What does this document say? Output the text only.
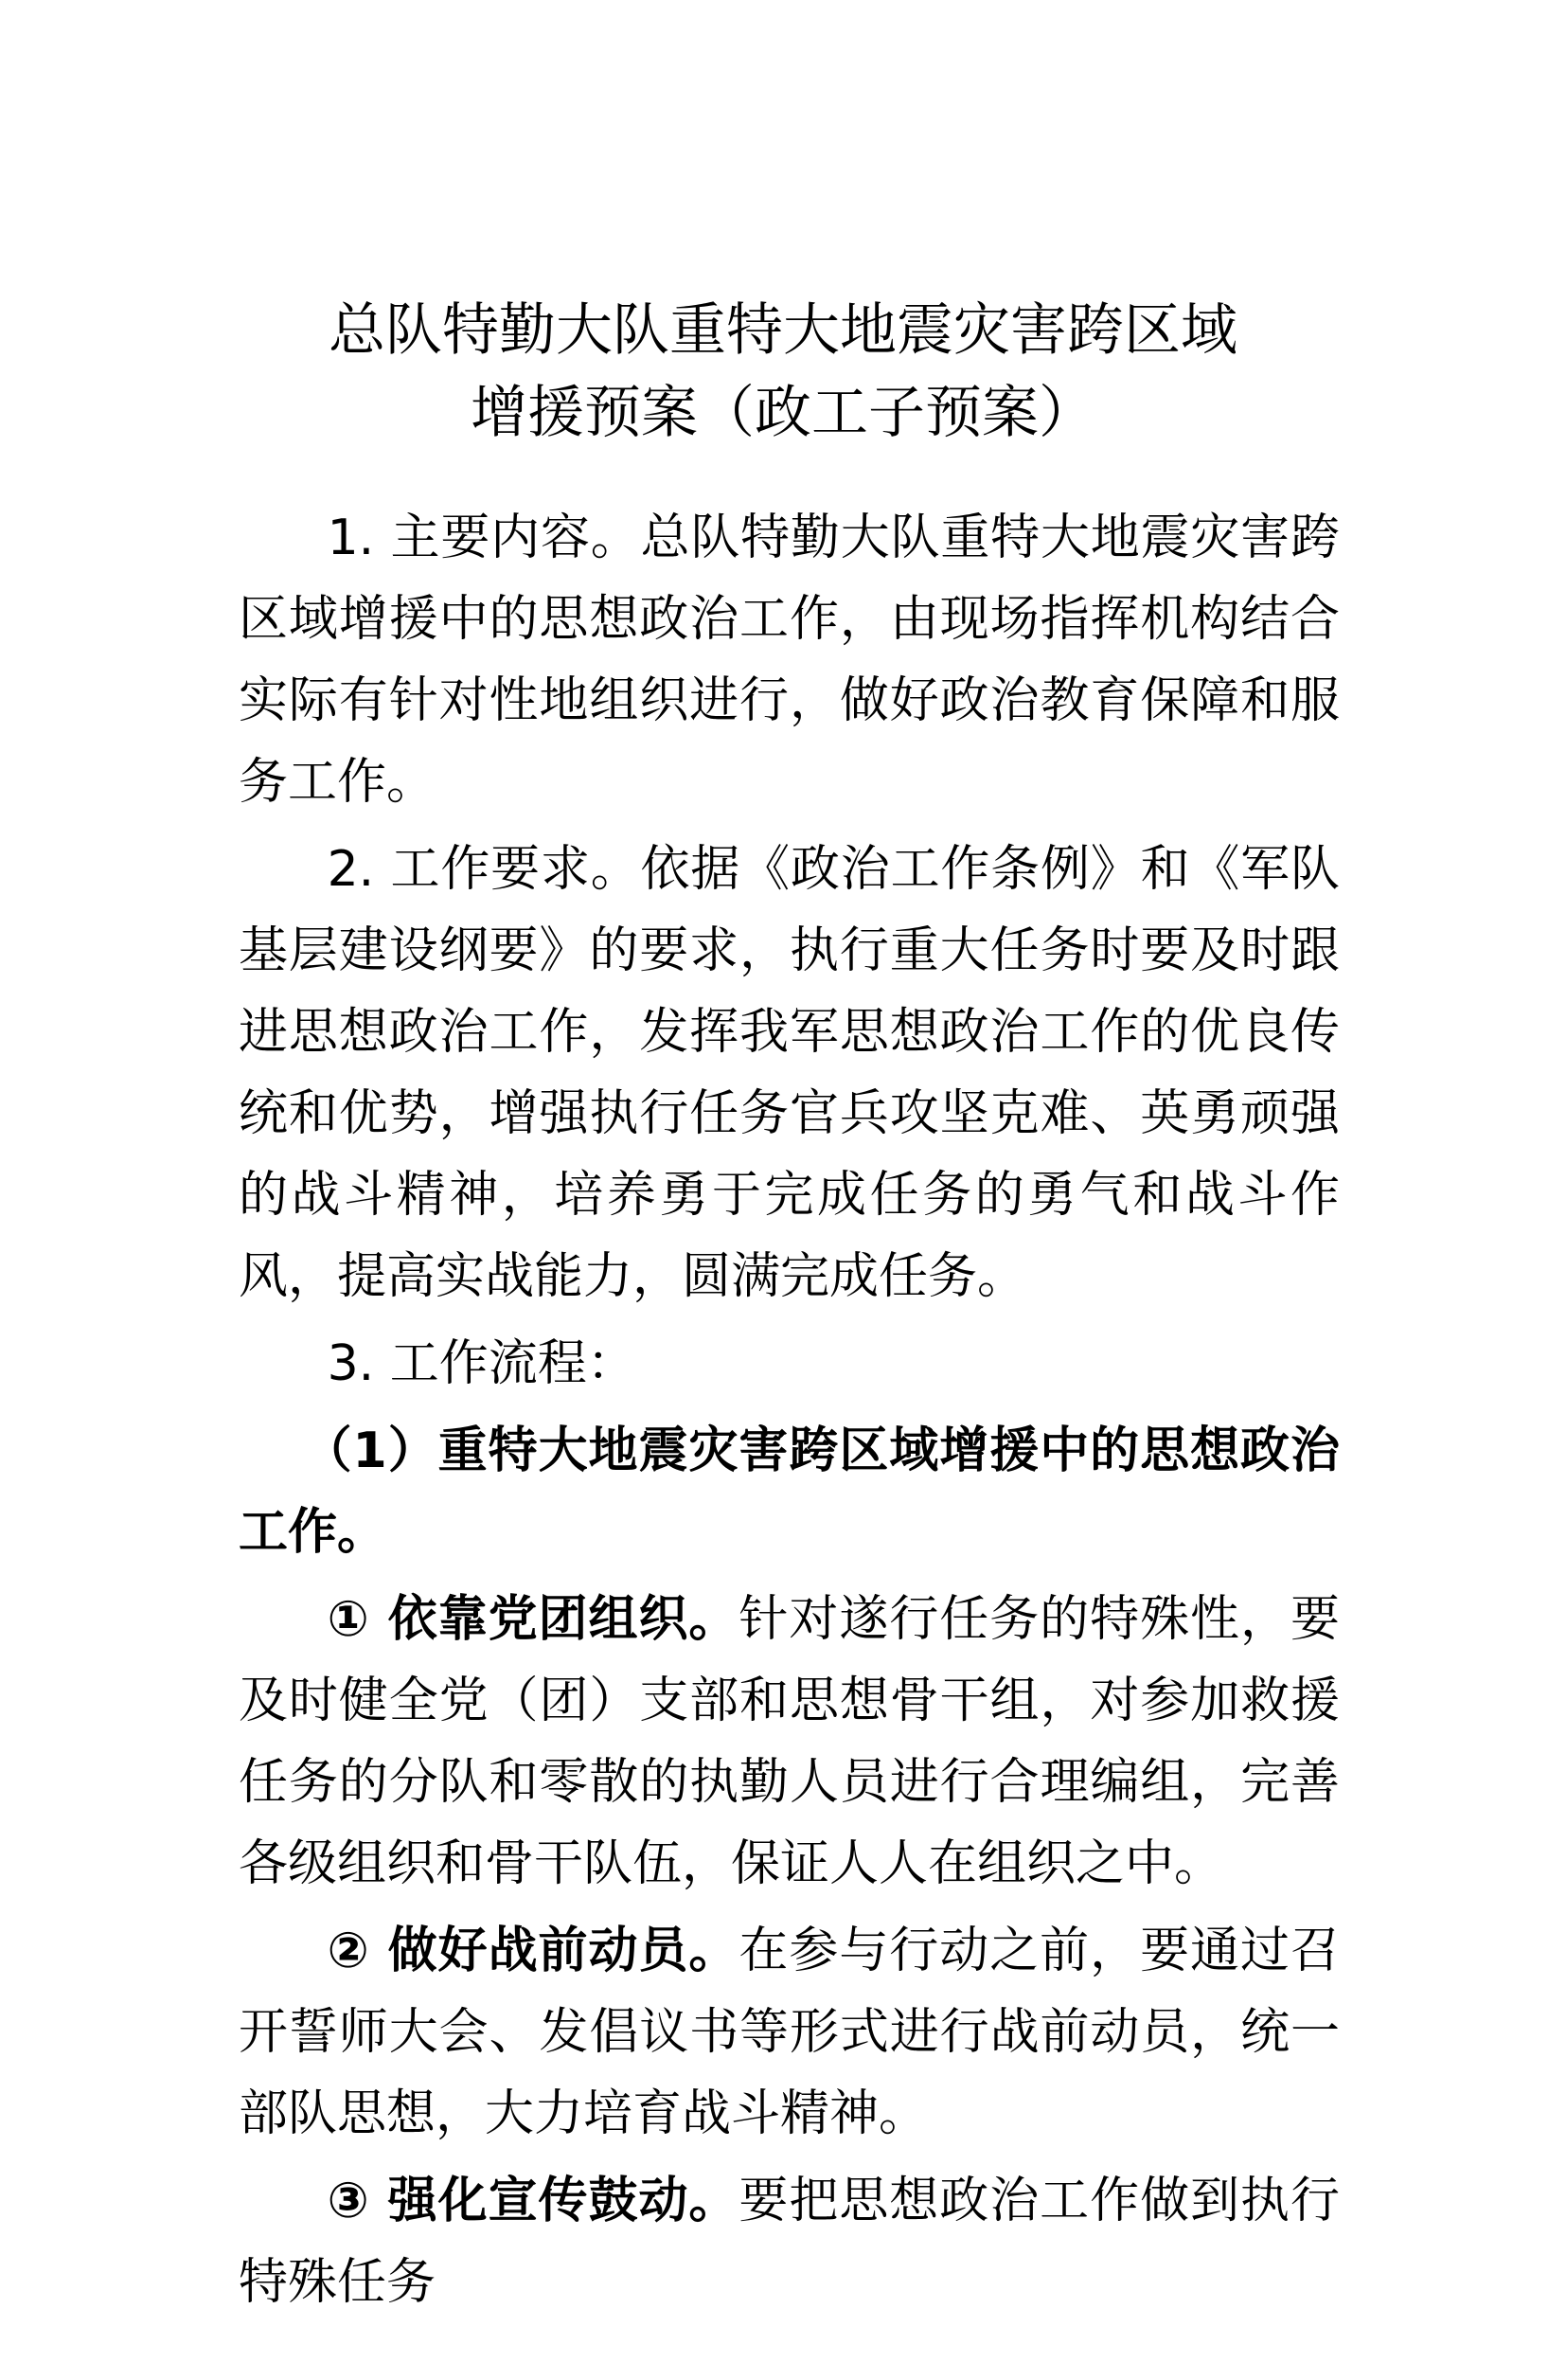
总队特勤大队重特大地震灾害跨区域
增援预案（政工子预案）

1. 主要内容。总队特勤大队重特大地震灾害跨区域增援中的思想政治工作，由现场指挥机构结合实际有针对性地组织进行，做好政治教育保障和服务工作。

2. 工作要求。依据《政治工作条例》和《军队基层建设纲要》的要求，执行重大任务时要及时跟进思想政治工作，发挥我军思想政治工作的优良传统和优势，增强执行任务官兵攻坚克难、英勇顽强的战斗精神，培养勇于完成任务的勇气和战斗作风，提高实战能力，圆满完成任务。

3. 工作流程：

（1）重特大地震灾害跨区域增援中的思想政治工作。

① 依靠党团组织。针对遂行任务的特殊性，要及时健全党（团）支部和思想骨干组，对参加救援任务的分队和零散的执勤人员进行合理编组，完善各级组织和骨干队伍，保证人人在组织之中。

② 做好战前动员。在参与行动之前，要通过召开誓师大会、发倡议书等形式进行战前动员，统一部队思想，大力培育战斗精神。

③ 强化宣传鼓动。要把思想政治工作做到执行特殊任务
